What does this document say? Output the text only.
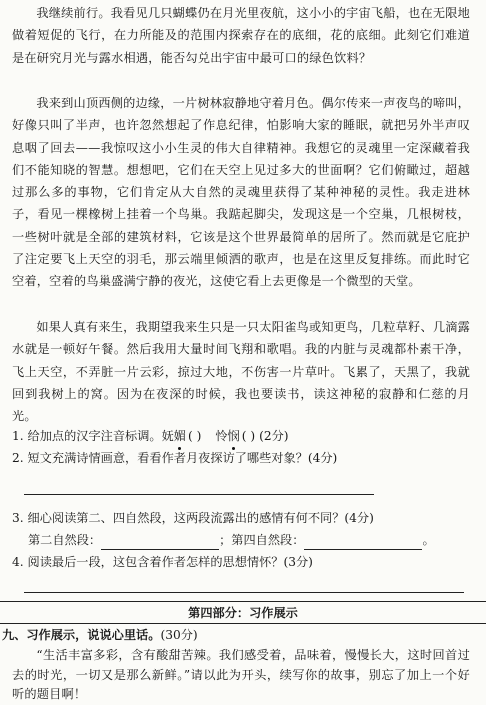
我继续前行。我看见几只蝴蝶仍在月光里夜航，这小小的宇宙飞船，也在无限地做着短促的飞行，在力所能及的范围内探索存在的底细，花的底细。此刻它们难道是在研究月光与露水相遇，能否勾兑出宇宙中最可口的绿色饮料？
我来到山顶西侧的边缘，一片树林寂静地守着月色。偶尔传来一声夜鸟的啼叫，好像只叫了半声，也许忽然想起了作息纪律，怕影响大家的睡眠，就把另外半声叹息咽了回去——我惊叹这小小生灵的伟大自律精神。我想它的灵魂里一定深藏着我们不能知晓的智慧。想想吧，它们在天空上见过多大的世面啊？它们俯瞰过，超越过那么多的事物，它们肯定从大自然的灵魂里获得了某种神秘的灵性。我走进林子，看见一棵橡树上挂着一个鸟巢。我踮起脚尖，发现这是一个空巢，几根树枝，一些树叶就是全部的建筑材料，它该是这个世界最简单的居所了。然而就是它庇护了注定要飞上天空的羽毛，那云端里倾洒的歌声，也是在这里反复排练。而此时它空着，空着的鸟巢盛满宁静的夜光，这使它看上去更像是一个微型的天堂。
如果人真有来生，我期望我来生只是一只太阳雀鸟或知更鸟，几粒草籽、几滴露水就是一顿好午餐。然后我用大量时间飞翔和歌唱。我的内脏与灵魂都朴素干净，飞上天空，不弄脏一片云彩，掠过大地，不伤害一片草叶。飞累了，天黑了，我就回到我树上的窝。因为在夜深的时候，我也要读书，读这神秘的寂静和仁慈的月光。
1. 给加点的汉字注音标调。妩媚 ( ) 怜悯 ( ) (2分)
2. 短文充满诗情画意，看看作者月夜探访了哪些对象？(4分)
3. 细心阅读第二、四自然段，这两段流露出的感情有何不同？(4分)
第二自然段：	；第四自然段：	。
4. 阅读最后一段，这包含着作者怎样的思想情怀？(3分)
第四部分：习作展示
九、习作展示，说说心里话。(30分)
“生活丰富多彩，含有酸甜苦辣。我们感受着，品味着，慢慢长大，这时回首过去的时光，一切又是那么新鲜。”请以此为开头，续写你的故事，别忘了加上一个好听的题目啊！
